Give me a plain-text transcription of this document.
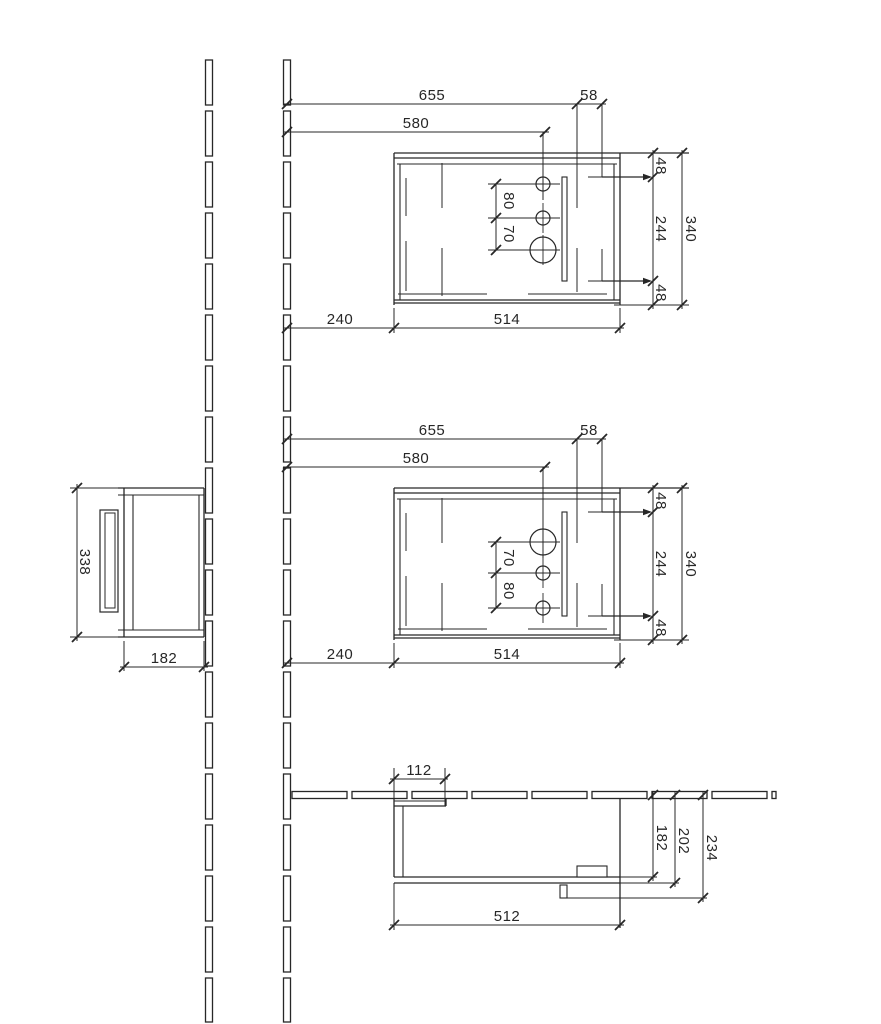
655	58
580
80
70
48
244
48
340
240	514
655	58
580
70
80
48
244
48
340
240	514
338
182
112
182 202 234
512
